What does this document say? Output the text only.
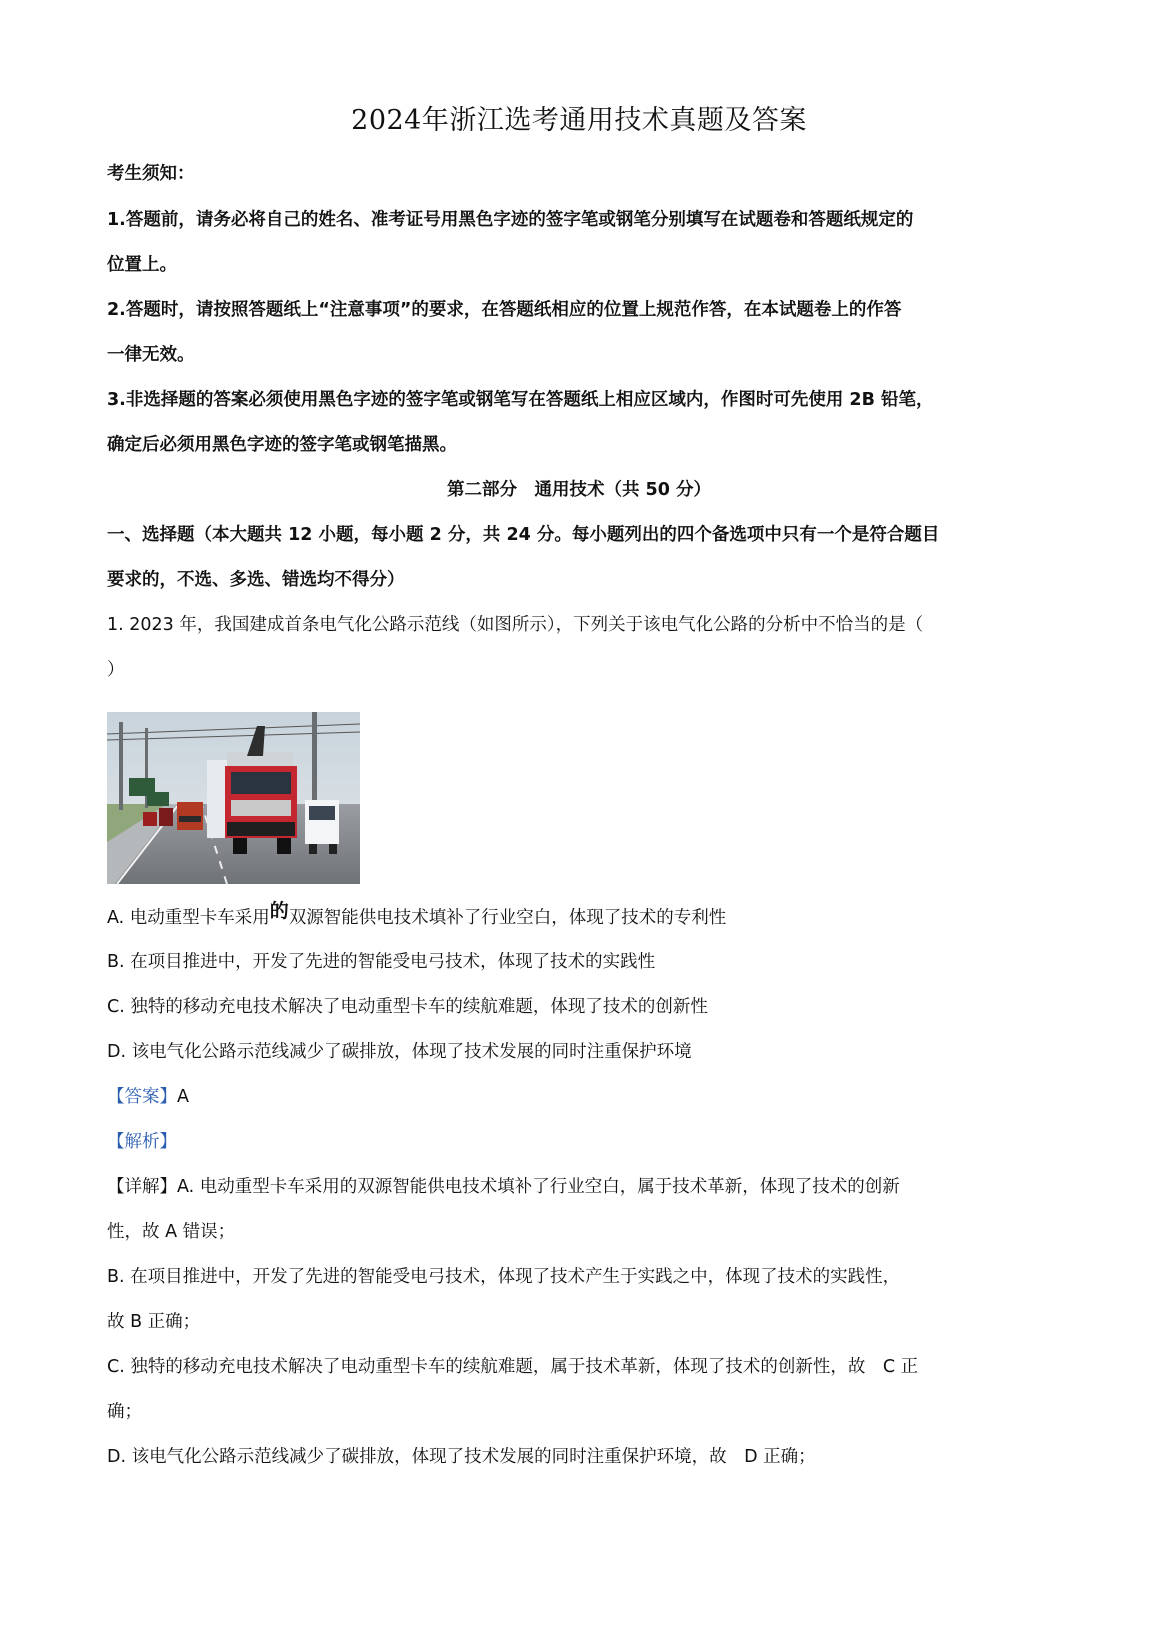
2024年浙江选考通用技术真题及答案
考生须知：
1.答题前，请务必将自己的姓名、准考证号用黑色字迹的签字笔或钢笔分别填写在试题卷和答题纸规定的
位置上。
2.答题时，请按照答题纸上“注意事项”的要求，在答题纸相应的位置上规范作答，在本试题卷上的作答
一律无效。
3.非选择题的答案必须使用黑色字迹的签字笔或钢笔写在答题纸上相应区域内，作图时可先使用 2B 铅笔，
确定后必须用黑色字迹的签字笔或钢笔描黑。
第二部分　通用技术（共 50 分）
一、选择题（本大题共 12 小题，每小题 2 分，共 24 分。每小题列出的四个备选项中只有一个是符合题目
要求的，不选、多选、错选均不得分）
1. 2023 年，我国建成首条电气化公路示范线（如图所示），下列关于该电气化公路的分析中不恰当的是（
）
A. 电动重型卡车采用的双源智能供电技术填补了行业空白，体现了技术的专利性
B. 在项目推进中，开发了先进的智能受电弓技术，体现了技术的实践性
C. 独特的移动充电技术解决了电动重型卡车的续航难题，体现了技术的创新性
D. 该电气化公路示范线减少了碳排放，体现了技术发展的同时注重保护环境
【答案】A
【解析】
【详解】A. 电动重型卡车采用的双源智能供电技术填补了行业空白，属于技术革新，体现了技术的创新
性，故 A 错误；
B. 在项目推进中，开发了先进的智能受电弓技术，体现了技术产生于实践之中，体现了技术的实践性，
故 B 正确；
C. 独特的移动充电技术解决了电动重型卡车的续航难题，属于技术革新，体现了技术的创新性，故　C 正
确；
D. 该电气化公路示范线减少了碳排放，体现了技术发展的同时注重保护环境，故　D 正确；
